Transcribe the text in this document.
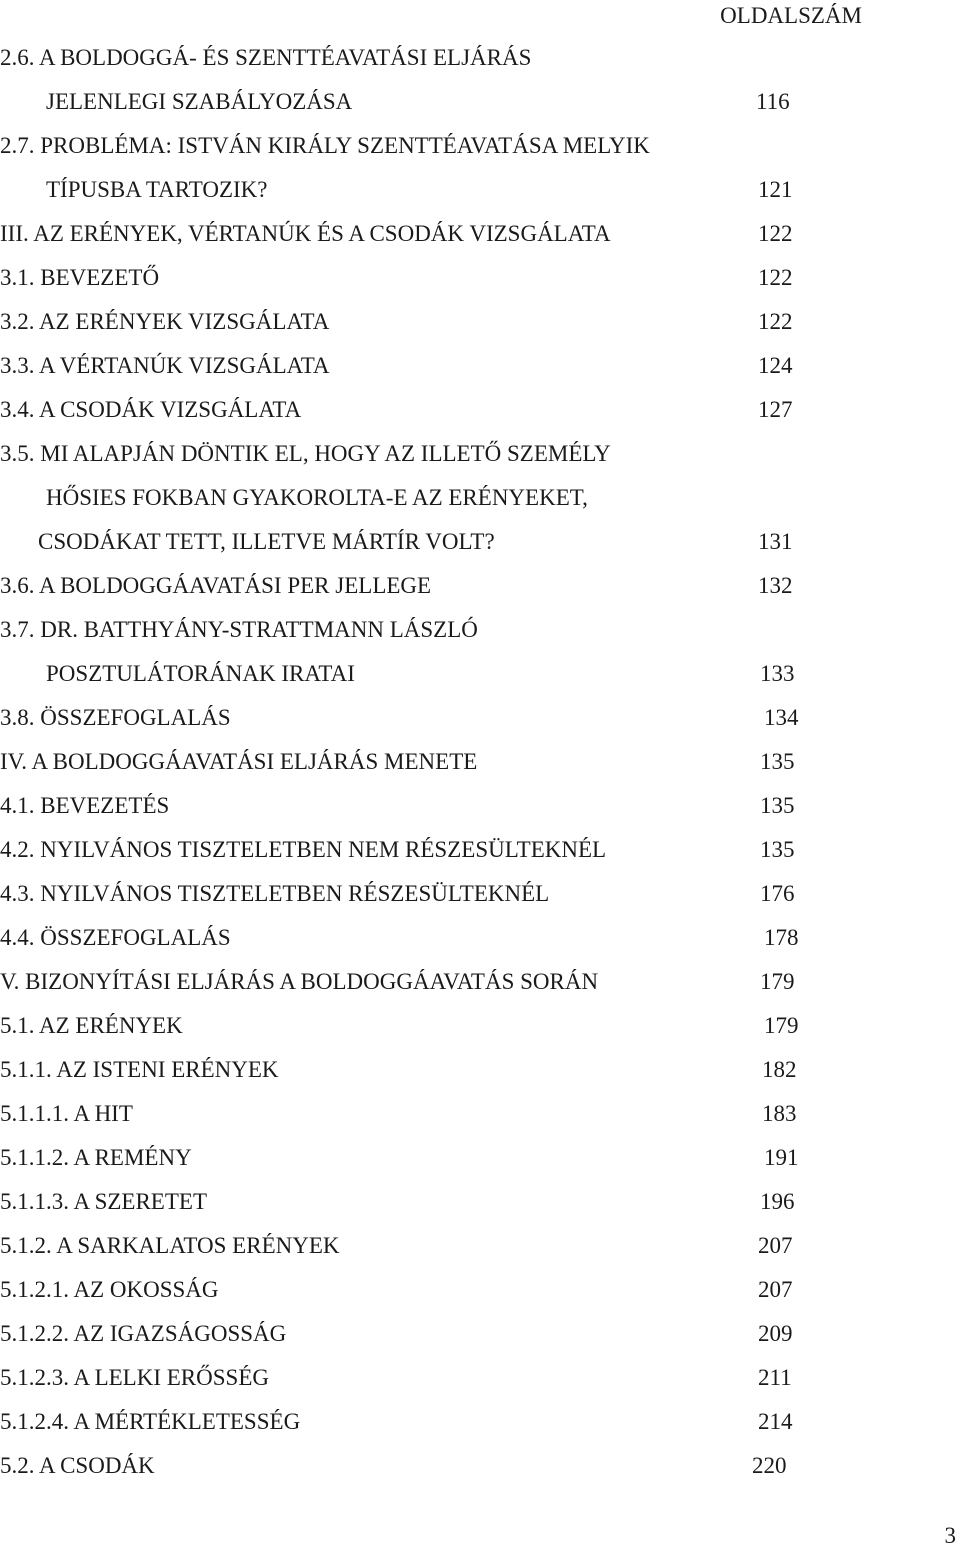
OLDALSZÁM
2.6. A BOLDOGGÁ- ÉS SZENTTÉAVATÁSI ELJÁRÁS
JELENLEGI SZABÁLYOZÁSA	116
2.7. PROBLÉMA: ISTVÁN KIRÁLY SZENTTÉAVATÁSA MELYIK
TÍPUSBA TARTOZIK?	121
III. AZ ERÉNYEK, VÉRTANÚK ÉS A CSODÁK VIZSGÁLATA	122
3.1. BEVEZETŐ	122
3.2. AZ ERÉNYEK VIZSGÁLATA	122
3.3. A VÉRTANÚK VIZSGÁLATA	124
3.4. A CSODÁK VIZSGÁLATA	127
3.5. MI ALAPJÁN DÖNTIK EL, HOGY AZ ILLETŐ SZEMÉLY
HŐSIES FOKBAN GYAKOROLTA-E AZ ERÉNYEKET,
CSODÁKAT TETT, ILLETVE MÁRTÍR VOLT?	131
3.6. A BOLDOGGÁAVATÁSI PER JELLEGE	132
3.7. DR. BATTHYÁNY-STRATTMANN LÁSZLÓ
POSZTULÁTORÁNAK IRATAI	133
3.8. ÖSSZEFOGLALÁS	134
IV. A BOLDOGGÁAVATÁSI ELJÁRÁS MENETE	135
4.1. BEVEZETÉS	135
4.2. NYILVÁNOS TISZTELETBEN NEM RÉSZESÜLTEKNÉL	135
4.3. NYILVÁNOS TISZTELETBEN RÉSZESÜLTEKNÉL	176
4.4. ÖSSZEFOGLALÁS	178
V. BIZONYÍTÁSI ELJÁRÁS A BOLDOGGÁAVATÁS SORÁN	179
5.1. AZ ERÉNYEK	179
5.1.1. AZ ISTENI ERÉNYEK	182
5.1.1.1. A HIT	183
5.1.1.2. A REMÉNY	191
5.1.1.3. A SZERETET	196
5.1.2. A SARKALATOS ERÉNYEK	207
5.1.2.1. AZ OKOSSÁG	207
5.1.2.2. AZ IGAZSÁGOSSÁG	209
5.1.2.3. A LELKI ERŐSSÉG	211
5.1.2.4. A MÉRTÉKLETESSÉG	214
5.2. A CSODÁK	220
3
